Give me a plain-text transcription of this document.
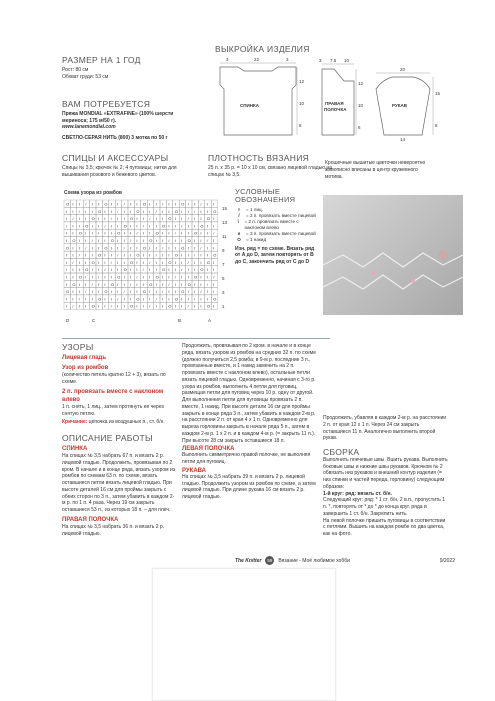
РАЗМЕР НА 1 ГОД
Рост: 80 см
Обхват груди: 53 см
ВАМ ПОТРЕБУЕТСЯ
Пряжа MONDIAL «EXTRAFINE» (100% шерсти
мериноса; 175 м/50 г).
www.lanemondial.com
СВЕТЛО-СЕРАЯ НИТЬ (800) 3 мотка по 50 г
СПИЦЫ И АКСЕССУАРЫ
Спицы № 3,5; крючок № 2; 4 пуговицы; нитки для вышивания розового и бежевого цветов.
ВЫКРОЙКА ИЗДЕЛИЯ
3	22	3
СПИНКА
12
10
6
3 7.5 10
ПРАВАЯ
ПОЛОЧКА
12
10
6
20
РУКАВ
14
15
6
ПЛОТНОСТЬ ВЯЗАНИЯ
25 п. х 35 р. = 10 х 10 см, связано лицевой гладью на спицах № 3,5.
Схема узора из ромбов
O I I / I I O I I / I I O I I / I I O I I / I I
I I / I I O I I / I I O I I / I I O I I / I I O
I / I I O I I / I I O I I / I I O I I / I I O I
/ I I O I I / I I O I I / I I O I I / I I O I I
I I O I I / I I O I I / I I O I I / I I O I I /
I O I I / I I O I I / I I O I I / I I O I I / I
O I I / I I O I I / I I O I I / I I O I I / I I
I I / I I O I I / I I O I I / I I O I I / I I O
I / I I O I I / I I O I I / I I O I I / I I O I
/ I I O I I / I I O I I / I I O I I / I I O I I
I I O I I / I I O I I / I I O I I / I I O I I /
I O I I / I I O I I / I I O I I / I I O I I / I
O I I / I I O I I / I I O I I / I I O I I / I I
I I / I I O I I / I I O I I / I I O I I / I I O
I / I I O I I / I I O I I / I I O I I / I I O I
D	C	B	A
15
13
11
9
7
5
3
1
УСЛОВНЫЕ ОБОЗНАЧЕНИЯ
I	= 1 лиц.
/	= 2 п. провязать вместе лицевой
\	= 2 п. провязать вместе с наклоном влево
∧	= 3 п. провязать вместе лицевой
O	= 1 накид
Изн. ряд = по схеме. Вязать ряд от A до D, затем повторять от B до C, закончить ряд от C до D
Крошечные вышитые цветочки невероятно живописно вписаны в центр кружевного мотива.
УЗОРЫ
Лицевая гладь
Узор из ромбов
(количество петель кратно 12 + 3), вязать по схеме.
2 п. провязать вместе с наклоном влево
1 п. снять, 1 лиц., затем протянуть ее через снятую петлю.
Кричание: цепочка из воздушных п., ст. б/н.
ОПИСАНИЕ РАБОТЫ
СПИНКА
На спицах № 3,5 набрать 67 п. и вязать 2 р. лицевой гладью. Продолжить, провязывая по 2 кром. В начале и в конце ряда, вязать узором из ромбов по схемам 63 п. по схеме, вязать оставшиеся петли вязать лицевой гладью. При высоте деталей 16 см для проймы закрыть с обеих сторон по 3 п., затем убавить в каждом 2-м р. по 1 п. 4 раза. Через 19 см закрыть оставшиеся 53 п., из которых 18 п. – для плеч.
ПРАВАЯ ПОЛОЧКА
На спицах № 3,5 набрать 36 п. и вязать 2 р. лицевой гладью.
Продолжить, провязывая по 2 кром. в начале и в конце ряда, вязать узором из ромбов на средних 32 п. по схеме (должно получиться 2,5 ромба; в 9-м р. последние 3 п., провязанные вместе, и 1 накид заменить на 2 п. провязать вместе с наклоном влево), остальные петли вязать лицевой гладью. Одновременно, начиная с 3-го р. узора из ромбов, выполнить 4 петли для пуговиц, размещая петли для пуговиц через 10 р. одну от другой. Для выполнения петли для пуговицы провязать 2 п. вместе, 1 накид. При высоте детали 16 см для проймы закрыть в конце ряда 3 п., затем убавить в каждом 2-м р. на расстоянии 2 п. от края 4 х 1 п. Одновременно для выреза горловины закрыть в начале ряда 5 п., затем в каждом 2-м р. 1 х 2 п. и в каждом 4-м р. (= закрыть 11 п.). При высоте 28 см закрыть оставшиеся 18 п.
ЛЕВАЯ ПОЛОЧКА
Выполнить симметрично правой полочке, не выполняя петли для пуговиц.
РУКАВА
На спицах № 3,5 набрать 39 п. и вязать 2 р. лицевой гладью. Продолжить узором из ромбов по схеме, а затем лицевой гладью. При длине рукава 16 см вязать 2 р. лицевой гладью.
Продолжить, убавляя в каждом 2-м р. на расстоянии 2 п. от края 12 х 1 п. Через 24 см закрыть оставшиеся 11 п. Аналогично выполнить второй рукав.
СБОРКА
Выполнить плечевые швы. Вшить рукава. Выполнить боковые швы и нижние швы рукавов. Крючком № 2 обвязать низ рукавов и внешний контур изделия (= низ спинки и частей переда, горловину) следующим образом:
1-й круг: ряд: вязать ст. б/н.
Следующий круг: ряд: * 1 ст. б/н, 2 в.п., пропустить 1 п. *, повторять от * до * до конца круг. ряда и завершить 1 ст. б/н. Закрепить нить.
На левой полочке пришить пуговицы в соответствии с петлями. Вышить на каждом ромбе по два цветка, как на фото.
The Knitter	59	Вязание - Моё любимое хобби	9/2022
